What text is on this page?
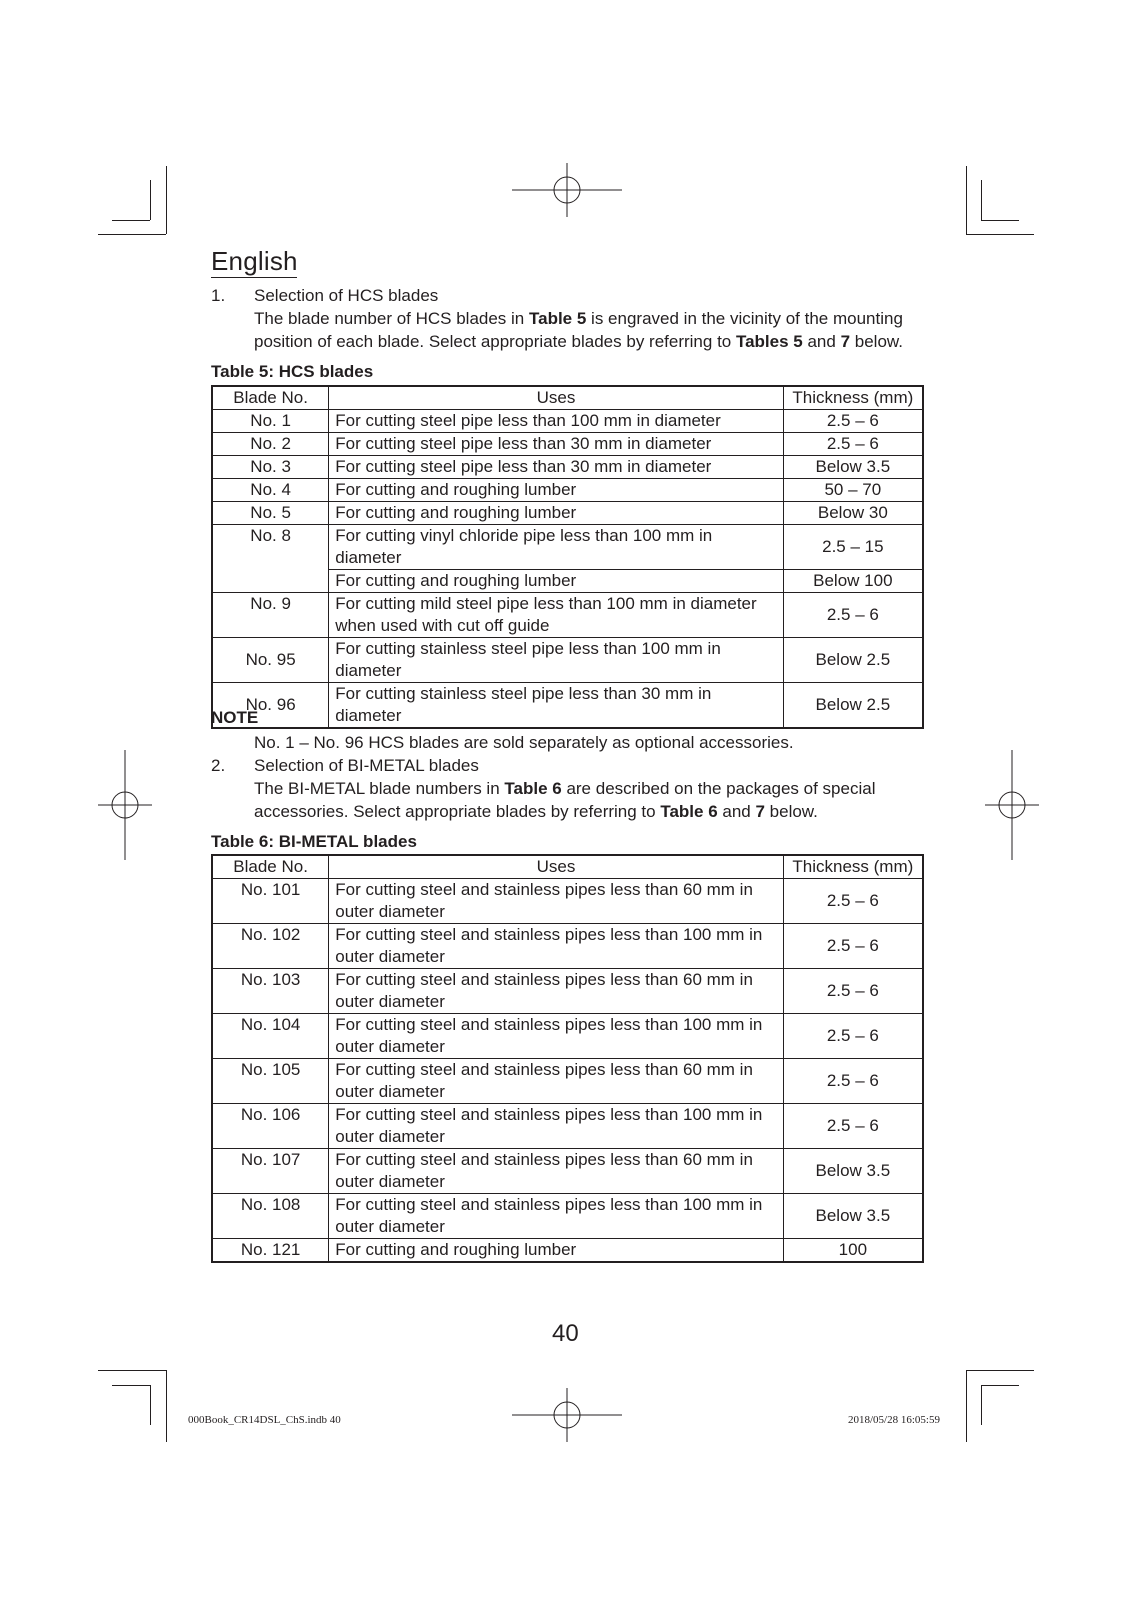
English
1. Selection of HCS blades
The blade number of HCS blades in Table 5 is engraved in the vicinity of the mounting
position of each blade. Select appropriate blades by referring to Tables 5 and 7 below.
Table 5: HCS blades
Blade No.	Uses	Thickness (mm)
No. 1	For cutting steel pipe less than 100 mm in diameter	2.5 – 6
No. 2	For cutting steel pipe less than 30 mm in diameter	2.5 – 6
No. 3	For cutting steel pipe less than 30 mm in diameter	Below 3.5
No. 4	For cutting and roughing lumber	50 – 70
No. 5	For cutting and roughing lumber	Below 30
No. 8	For cutting vinyl chloride pipe less than 100 mm in diameter	2.5 – 15
	For cutting and roughing lumber	Below 100
No. 9	For cutting mild steel pipe less than 100 mm in diameter
when used with cut off guide	2.5 – 6
No. 95	For cutting stainless steel pipe less than 100 mm in diameter	Below 2.5
No. 96	For cutting stainless steel pipe less than 30 mm in diameter	Below 2.5
NOTE
No. 1 – No. 96 HCS blades are sold separately as optional accessories.
2. Selection of BI-METAL blades
The BI-METAL blade numbers in Table 6 are described on the packages of special
accessories. Select appropriate blades by referring to Table 6 and 7 below.
Table 6: BI-METAL blades
Blade No.	Uses	Thickness (mm)
No. 101	For cutting steel and stainless pipes less than 60 mm in
outer diameter	2.5 – 6
No. 102	For cutting steel and stainless pipes less than 100 mm in
outer diameter	2.5 – 6
No. 103	For cutting steel and stainless pipes less than 60 mm in
outer diameter	2.5 – 6
No. 104	For cutting steel and stainless pipes less than 100 mm in
outer diameter	2.5 – 6
No. 105	For cutting steel and stainless pipes less than 60 mm in
outer diameter	2.5 – 6
No. 106	For cutting steel and stainless pipes less than 100 mm in
outer diameter	2.5 – 6
No. 107	For cutting steel and stainless pipes less than 60 mm in
outer diameter	Below 3.5
No. 108	For cutting steel and stainless pipes less than 100 mm in
outer diameter	Below 3.5
No. 121	For cutting and roughing lumber	100
40
000Book_CR14DSL_ChS.indb 40	2018/05/28 16:05:59
